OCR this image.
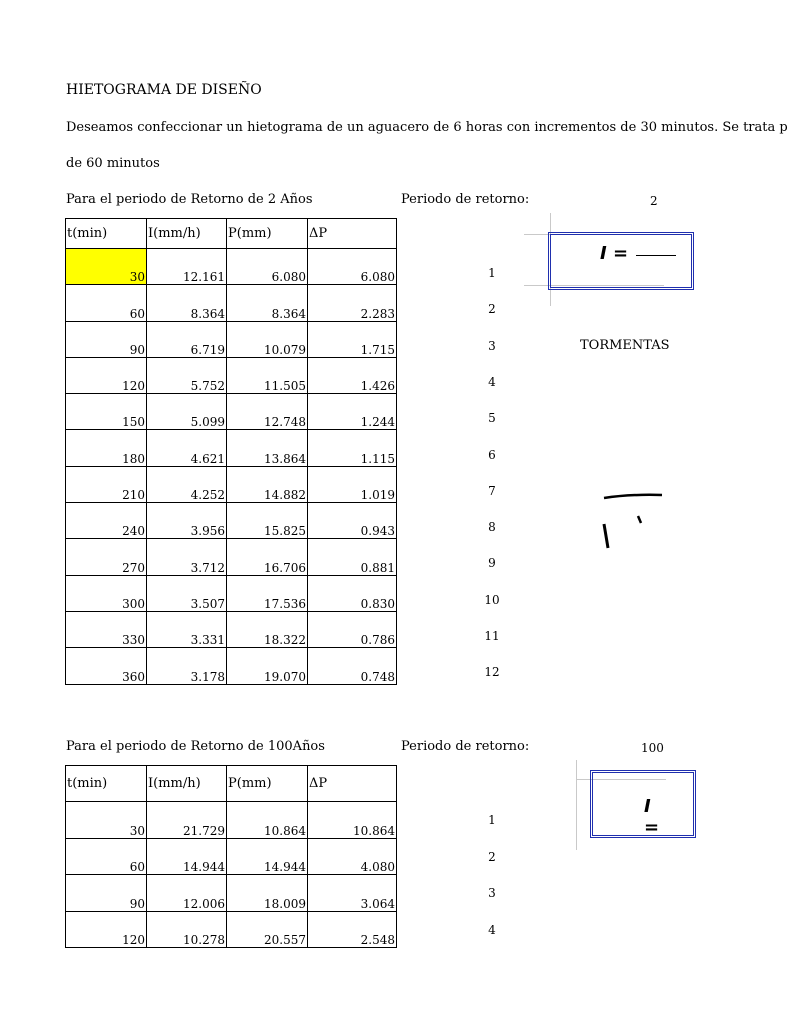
HIETOGRAMA DE DISEÑO
Deseamos confeccionar un hietograma de un aguacero de 6 horas con incrementos de 30 minutos. Se trata p
de 60 minutos
Para el periodo de Retorno de 2 Años	Periodo de retorno:	2
t(min)	I(mm/h)	P(mm)	ΔP
30	12.161	6.080	6.080
60	8.364	8.364	2.283
90	6.719	10.079	1.715
120	5.752	11.505	1.426
150	5.099	12.748	1.244
180	4.621	13.864	1.115
210	4.252	14.882	1.019
240	3.956	15.825	0.943
270	3.712	16.706	0.881
300	3.507	17.536	0.830
330	3.331	18.322	0.786
360	3.178	19.070	0.748
1
2
3
4
5
6
7
8
9
10
11
12
I =
TORMENTAS
Para el periodo de Retorno de 100Años	Periodo de retorno:	100
t(min)	I(mm/h)	P(mm)	ΔP
30	21.729	10.864	10.864
60	14.944	14.944	4.080
90	12.006	18.009	3.064
120	10.278	20.557	2.548
1
2
3
4
I =
